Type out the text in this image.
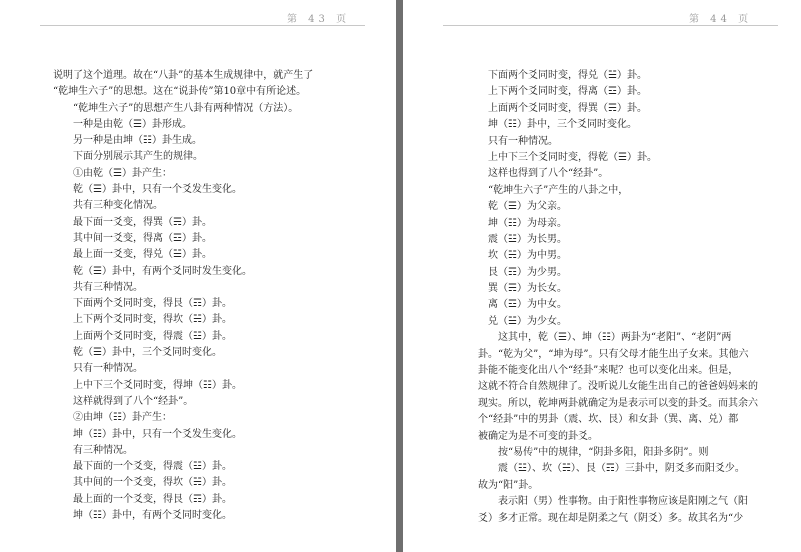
第 43 页
说明了这个道理。故在“八卦”的基本生成规律中，就产生了
“乾坤生六子”的思想。这在“说卦传”第10章中有所论述。
“乾坤生六子”的思想产生八卦有两种情况（方法）。
一种是由乾（☰）卦形成。
另一种是由坤（☷）卦生成。
下面分别展示其产生的规律。
①由乾（☰）卦产生：
乾（☰）卦中，只有一个爻发生变化。
共有三种变化情况。
最下面一爻变，得巽（☴）卦。
其中间一爻变，得离（☲）卦。
最上面一爻变，得兑（☱）卦。
乾（☰）卦中，有两个爻同时发生变化。
共有三种情况。
下面两个爻同时变，得艮（☶）卦。
上下两个爻同时变，得坎（☵）卦。
上面两个爻同时变，得震（☳）卦。
乾（☰）卦中，三个爻同时变化。
只有一种情况。
上中下三个爻同时变，得坤（☷）卦。
这样就得到了八个“经卦”。
②由坤（☷）卦产生：
坤（☷）卦中，只有一个爻发生变化。
有三种情况。
最下面的一个爻变，得震（☳）卦。
其中间的一个爻变，得坎（☵）卦。
最上面的一个爻变，得艮（☶）卦。
坤（☷）卦中，有两个爻同时变化。
第 44 页
下面两个爻同时变，得兑（☱）卦。
上下两个爻同时变，得离（☲）卦。
上面两个爻同时变，得巽（☴）卦。
坤（☷）卦中，三个爻同时变化。
只有一种情况。
上中下三个爻同时变，得乾（☰）卦。
这样也得到了八个“经卦”。
“乾坤生六子”产生的八卦之中，
乾（☰）为父亲。
坤（☷）为母亲。
震（☳）为长男。
坎（☵）为中男。
艮（☶）为少男。
巽（☴）为长女。
离（☲）为中女。
兑（☱）为少女。
这其中，乾（☰）、坤（☷）两卦为“老阳”、“老阴”两
卦。“乾为父”，“坤为母”。只有父母才能生出子女来。其他六
卦能不能变化出八个“经卦”来呢？也可以变化出来。但是，
这就不符合自然规律了。没听说儿女能生出自己的爸爸妈妈来的
现实。所以，乾坤两卦就确定为是表示可以变的卦爻。而其余六
个“经卦”中的男卦（震、坎、艮）和女卦（巽、离、兑）都
被确定为是不可变的卦爻。
按“易传”中的规律，“阴卦多阳，阳卦多阴”。则
震（☳）、坎（☵）、艮（☶）三卦中，阴爻多而阳爻少。
故为“阳”卦。
表示阳（男）性事物。由于阳性事物应该是阳刚之气（阳
爻）多才正常。现在却是阴柔之气（阴爻）多。故其名为“少
